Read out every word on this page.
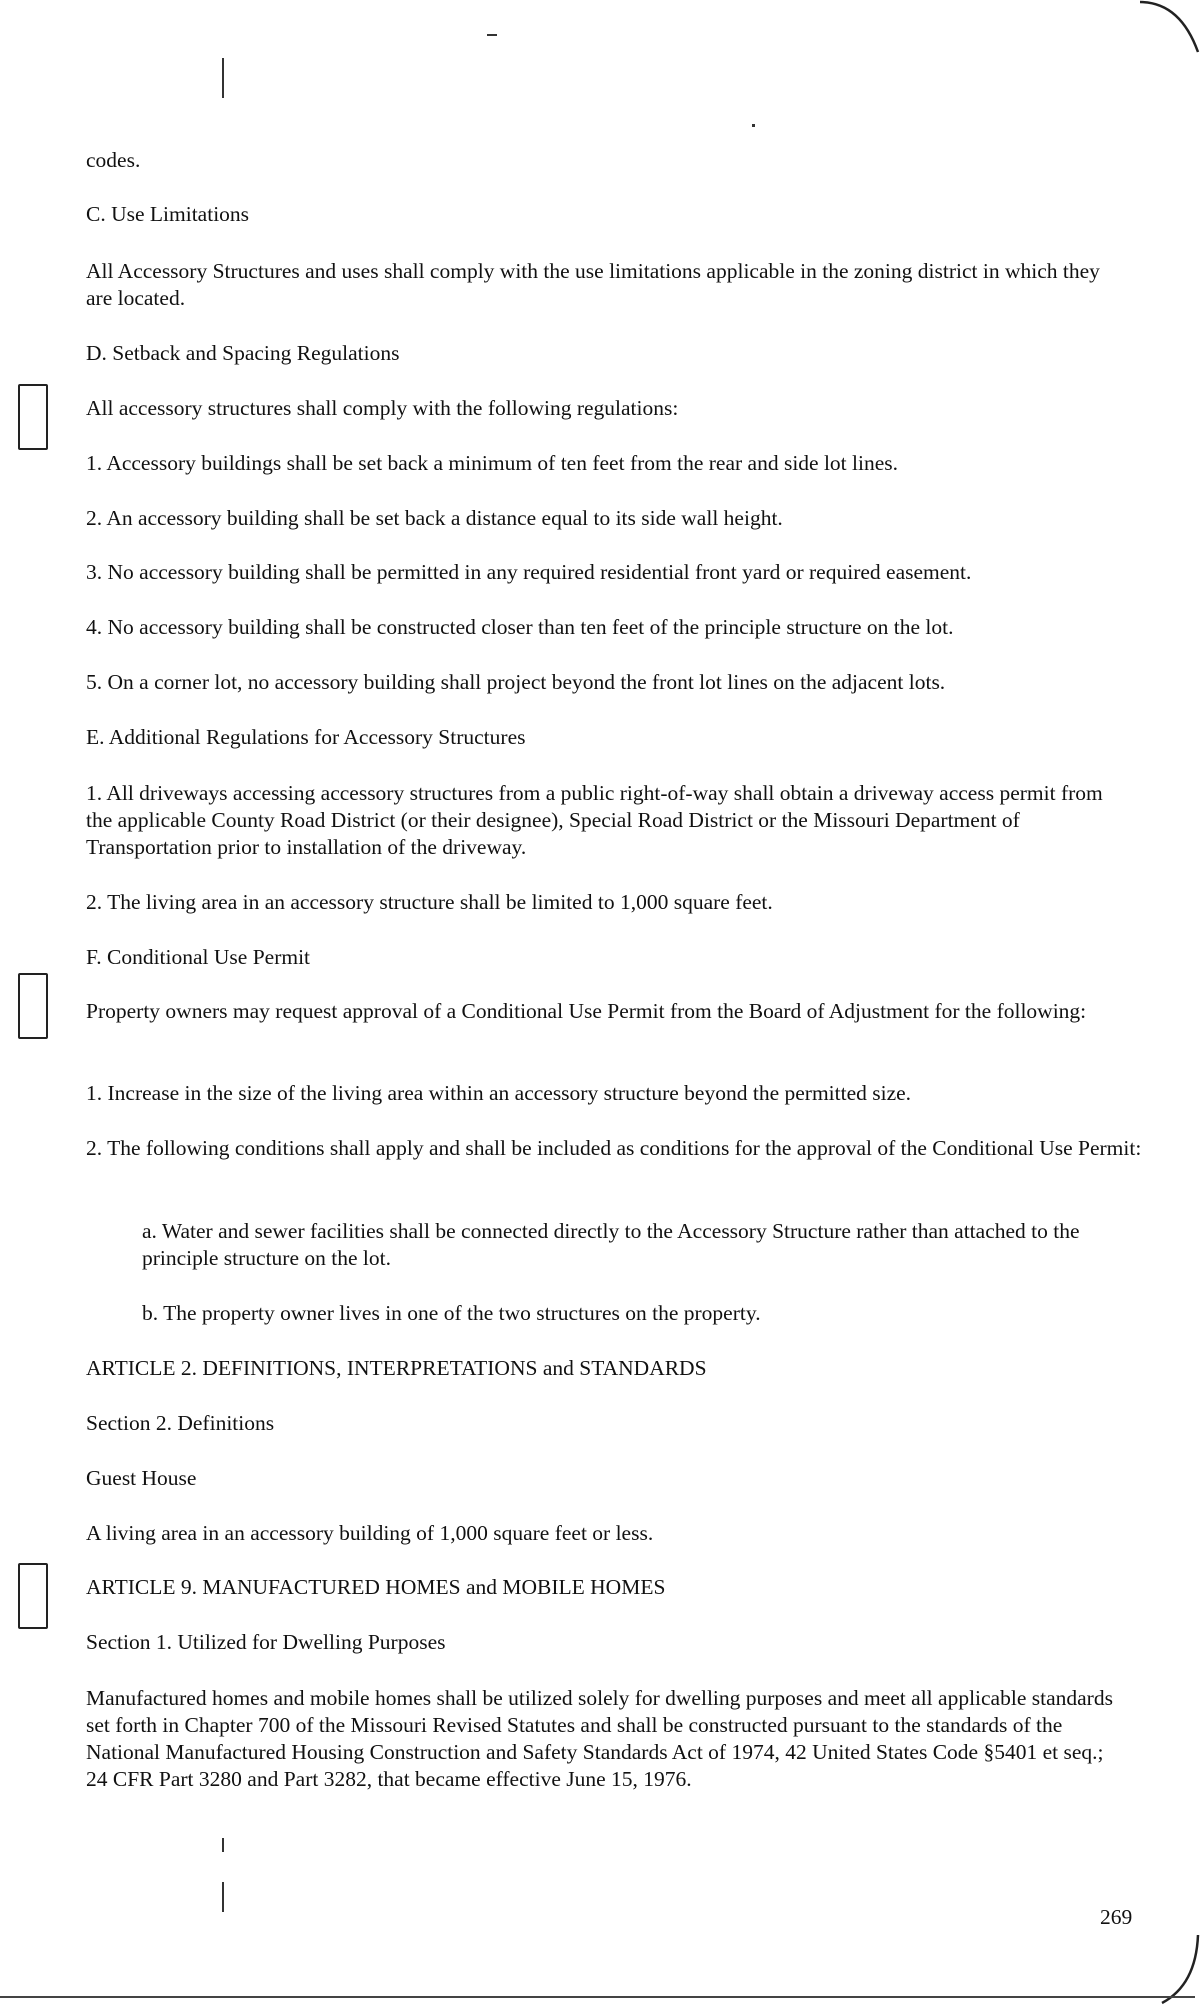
codes.

C. Use Limitations

All Accessory Structures and uses shall comply with the use limitations applicable in the zoning district in which they are located.

D. Setback and Spacing Regulations

All accessory structures shall comply with the following regulations:

1. Accessory buildings shall be set back a minimum of ten feet from the rear and side lot lines.

2. An accessory building shall be set back a distance equal to its side wall height.

3. No accessory building shall be permitted in any required residential front yard or required easement.

4. No accessory building shall be constructed closer than ten feet of the principle structure on the lot.

5. On a corner lot, no accessory building shall project beyond the front lot lines on the adjacent lots.

E. Additional Regulations for Accessory Structures

1. All driveways accessing accessory structures from a public right-of-way shall obtain a driveway access permit from the applicable County Road District (or their designee), Special Road District or the Missouri Department of Transportation prior to installation of the driveway.

2. The living area in an accessory structure shall be limited to 1,000 square feet.

F. Conditional Use Permit

Property owners may request approval of a Conditional Use Permit from the Board of Adjustment for the following:

1. Increase in the size of the living area within an accessory structure beyond the permitted size.

2. The following conditions shall apply and shall be included as conditions for the approval of the Conditional Use Permit:

a. Water and sewer facilities shall be connected directly to the Accessory Structure rather than attached to the principle structure on the lot.

b. The property owner lives in one of the two structures on the property.

ARTICLE 2. DEFINITIONS, INTERPRETATIONS and STANDARDS

Section 2. Definitions

Guest House

A living area in an accessory building of 1,000 square feet or less.

ARTICLE 9. MANUFACTURED HOMES and MOBILE HOMES

Section 1. Utilized for Dwelling Purposes

Manufactured homes and mobile homes shall be utilized solely for dwelling purposes and meet all applicable standards set forth in Chapter 700 of the Missouri Revised Statutes and shall be constructed pursuant to the standards of the National Manufactured Housing Construction and Safety Standards Act of 1974, 42 United States Code §5401 et seq.; 24 CFR Part 3280 and Part 3282, that became effective June 15, 1976.

269
